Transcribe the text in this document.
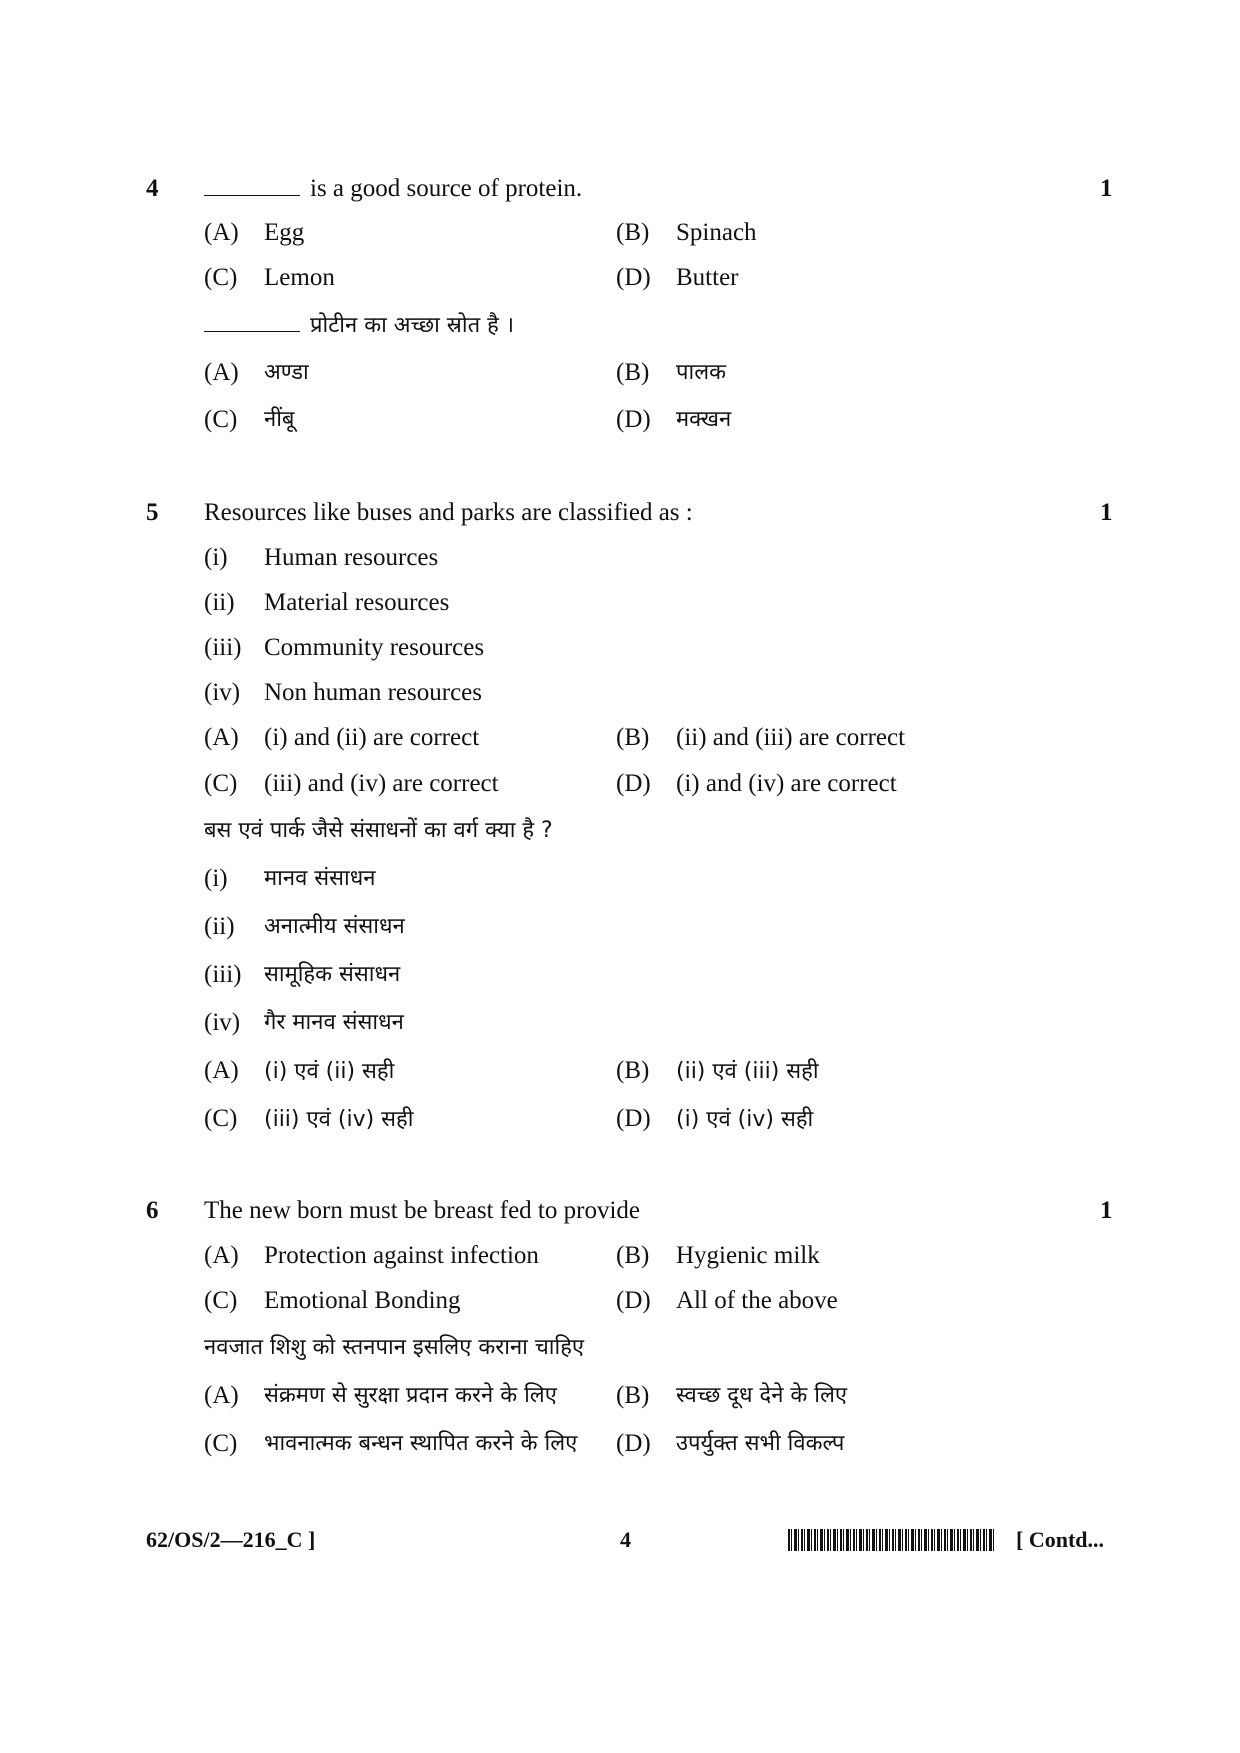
4	is a good source of protein.	1
(A) Egg	(B) Spinach
(C) Lemon	(D) Butter
प्रोटीन का अच्छा स्रोत है ।
(A) अण्डा	(B) पालक
(C) नींबू	(D) मक्खन
5 Resources like buses and parks are classified as :	1
(i) Human resources
(ii) Material resources
(iii) Community resources
(iv) Non human resources
(A) (i) and (ii) are correct	(B) (ii) and (iii) are correct
(C) (iii) and (iv) are correct	(D) (i) and (iv) are correct
बस एवं पार्क जैसे संसाधनों का वर्ग क्या है ?
(i) मानव संसाधन
(ii) अनात्मीय संसाधन
(iii) सामूहिक संसाधन
(iv) गैर मानव संसाधन
(A) (i) एवं (ii) सही	(B) (ii) एवं (iii) सही
(C) (iii) एवं (iv) सही	(D) (i) एवं (iv) सही
6 The new born must be breast fed to provide	1
(A) Protection against infection	(B) Hygienic milk
(C) Emotional Bonding	(D) All of the above
नवजात शिशु को स्तनपान इसलिए कराना चाहिए
(A) संक्रमण से सुरक्षा प्रदान करने के लिए (B) स्वच्छ दूध देने के लिए
(C) भावनात्मक बन्धन स्थापित करने के लिए (D) उपर्युक्त सभी विकल्प
62/OS/2—216_C ]	4	[ Contd...
